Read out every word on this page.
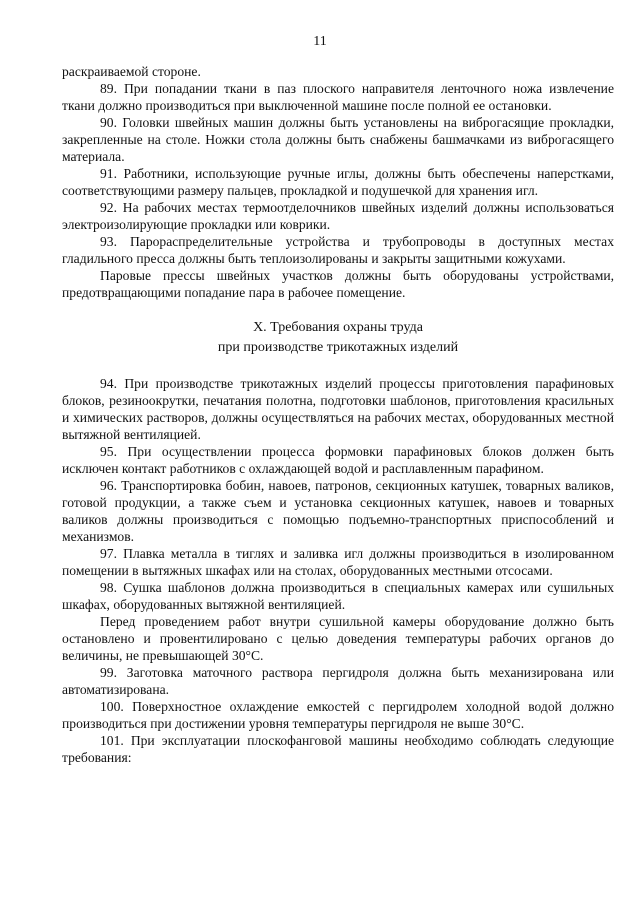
11

раскраиваемой стороне.

89. При попадании ткани в паз плоского направителя ленточного ножа извлечение ткани должно производиться при выключенной машине после полной ее остановки.

90. Головки швейных машин должны быть установлены на виброгасящие прокладки, закрепленные на столе. Ножки стола должны быть снабжены башмачками из виброгасящего материала.

91. Работники, использующие ручные иглы, должны быть обеспечены наперстками, соответствующими размеру пальцев, прокладкой и подушечкой для хранения игл.

92. На рабочих местах термоотделочников швейных изделий должны использоваться электроизолирующие прокладки или коврики.

93. Парораспределительные устройства и трубопроводы в доступных местах гладильного пресса должны быть теплоизолированы и закрыты защитными кожухами.

Паровые прессы швейных участков должны быть оборудованы устройствами, предотвращающими попадание пара в рабочее помещение.

X. Требования охраны труда
при производстве трикотажных изделий

94. При производстве трикотажных изделий процессы приготовления парафиновых блоков, резиноокрутки, печатания полотна, подготовки шаблонов, приготовления красильных и химических растворов, должны осуществляться на рабочих местах, оборудованных местной вытяжной вентиляцией.

95. При осуществлении процесса формовки парафиновых блоков должен быть исключен контакт работников с охлаждающей водой и расплавленным парафином.

96. Транспортировка бобин, навоев, патронов, секционных катушек, товарных валиков, готовой продукции, а также съем и установка секционных катушек, навоев и товарных валиков должны производиться с помощью подъемно-транспортных приспособлений и механизмов.

97. Плавка металла в тиглях и заливка игл должны производиться в изолированном помещении в вытяжных шкафах или на столах, оборудованных местными отсосами.

98. Сушка шаблонов должна производиться в специальных камерах или сушильных шкафах, оборудованных вытяжной вентиляцией.

Перед проведением работ внутри сушильной камеры оборудование должно быть остановлено и провентилировано с целью доведения температуры рабочих органов до величины, не превышающей 30°С.

99. Заготовка маточного раствора пергидроля должна быть механизирована или автоматизирована.

100. Поверхностное охлаждение емкостей с пергидролем холодной водой должно производиться при достижении уровня температуры пергидроля не выше 30°С.

101. При эксплуатации плоскофанговой машины необходимо соблюдать следующие требования:
